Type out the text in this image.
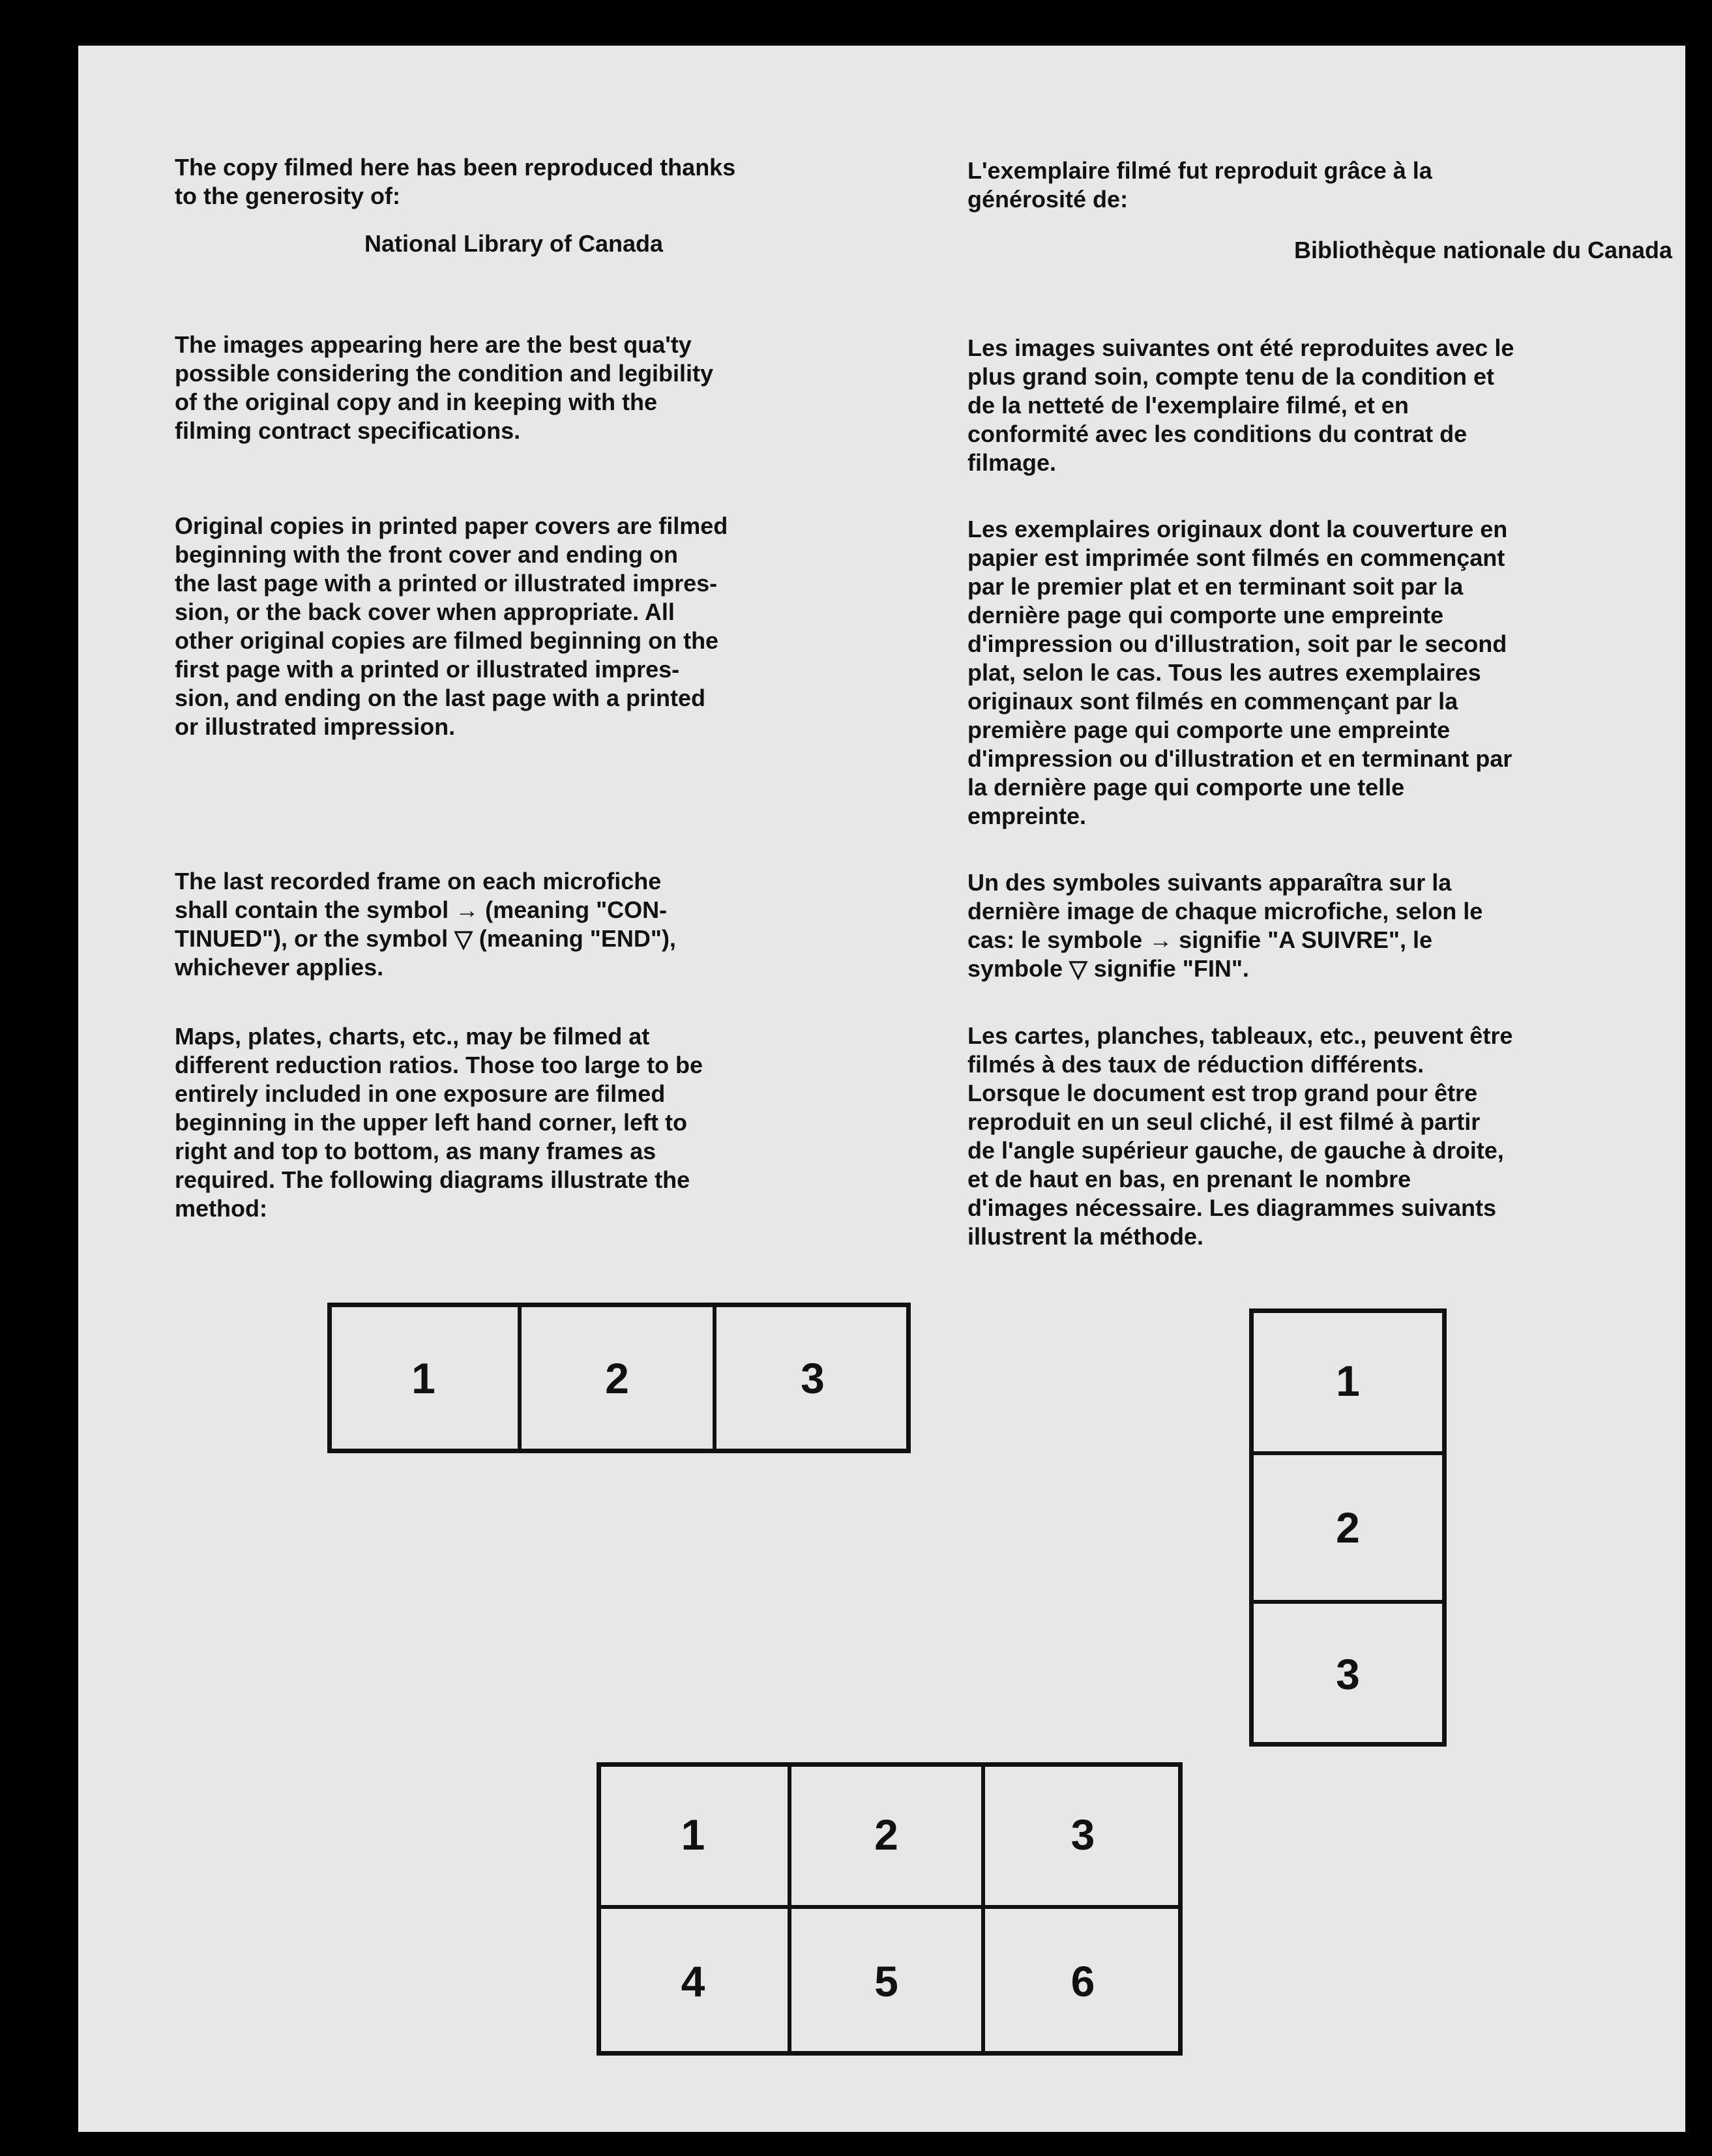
The copy filmed here has been reproduced thanks
to the generosity of:

National Library of Canada

The images appearing here are the best qua'ty
possible considering the condition and legibility
of the original copy and in keeping with the
filming contract specifications.

Original copies in printed paper covers are filmed
beginning with the front cover and ending on
the last page with a printed or illustrated impres-
sion, or the back cover when appropriate. All
other original copies are filmed beginning on the
first page with a printed or illustrated impres-
sion, and ending on the last page with a printed
or illustrated impression.

The last recorded frame on each microfiche
shall contain the symbol → (meaning "CON-
TINUED"), or the symbol ▽ (meaning "END"),
whichever applies.

Maps, plates, charts, etc., may be filmed at
different reduction ratios. Those too large to be
entirely included in one exposure are filmed
beginning in the upper left hand corner, left to
right and top to bottom, as many frames as
required. The following diagrams illustrate the
method:

L'exemplaire filmé fut reproduit grâce à la
générosité de:

Bibliothèque nationale du Canada

Les images suivantes ont été reproduites avec le
plus grand soin, compte tenu de la condition et
de la netteté de l'exemplaire filmé, et en
conformité avec les conditions du contrat de
filmage.

Les exemplaires originaux dont la couverture en
papier est imprimée sont filmés en commençant
par le premier plat et en terminant soit par la
dernière page qui comporte une empreinte
d'impression ou d'illustration, soit par le second
plat, selon le cas. Tous les autres exemplaires
originaux sont filmés en commençant par la
première page qui comporte une empreinte
d'impression ou d'illustration et en terminant par
la dernière page qui comporte une telle
empreinte.

Un des symboles suivants apparaîtra sur la
dernière image de chaque microfiche, selon le
cas: le symbole → signifie "A SUIVRE", le
symbole ▽ signifie "FIN".

Les cartes, planches, tableaux, etc., peuvent être
filmés à des taux de réduction différents.
Lorsque le document est trop grand pour être
reproduit en un seul cliché, il est filmé à partir
de l'angle supérieur gauche, de gauche à droite,
et de haut en bas, en prenant le nombre
d'images nécessaire. Les diagrammes suivants
illustrent la méthode.

1	2	3	1
2
3
1	2	3
4	5	6
